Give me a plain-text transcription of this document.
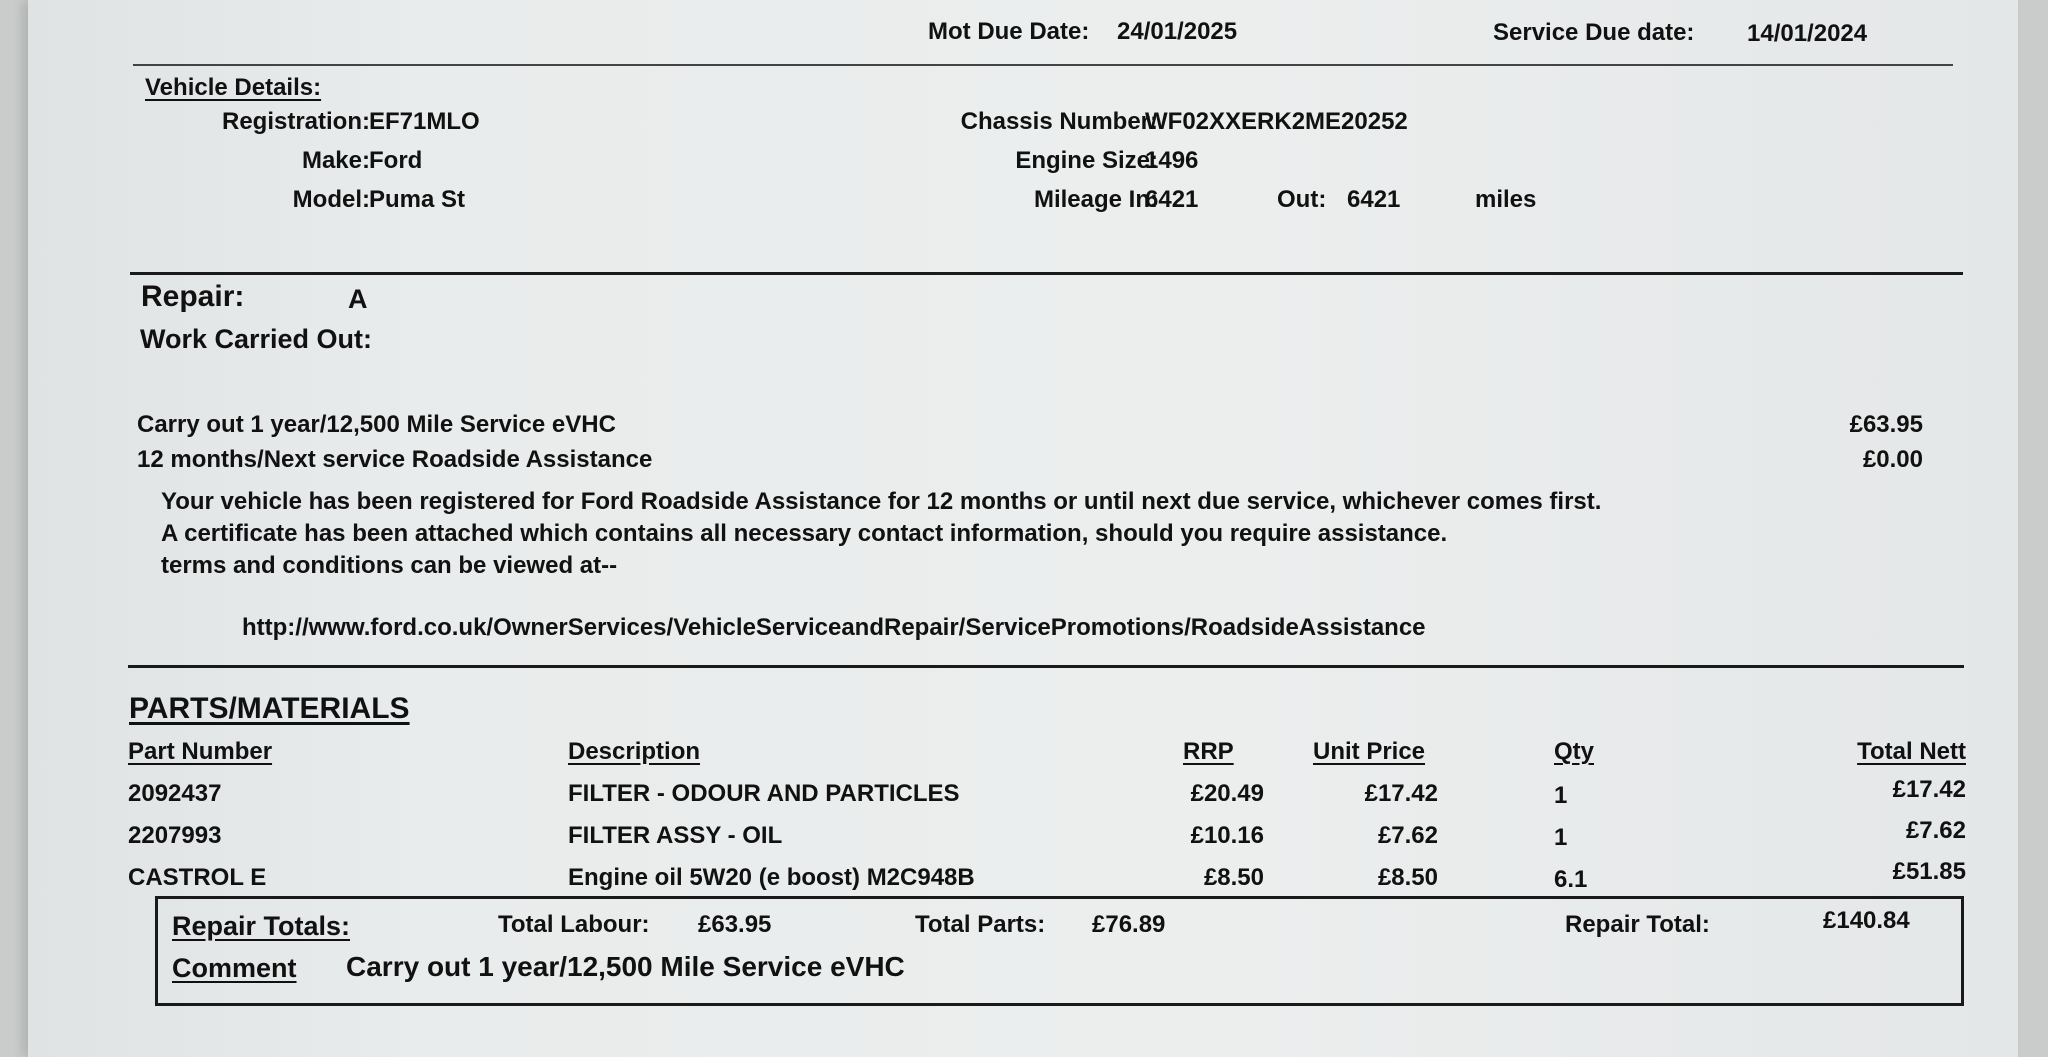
Mot Due Date: 24/01/2025	Service Due date: 14/01/2024
Vehicle Details:
Registration: EF71MLO
Make: Ford
Model: Puma St
Chassis Number:
WF02XXERK2ME20252
Engine Size:
1496
Mileage In:
6421	Out: 6421	miles
Repair:	A
Work Carried Out:
Carry out 1 year/12,500 Mile Service eVHC	£63.95
12 months/Next service Roadside Assistance	£0.00
Your vehicle has been registered for Ford Roadside Assistance for 12 months or until next due service, whichever comes first.
A certificate has been attached which contains all necessary contact information, should you require assistance.
terms and conditions can be viewed at--
http://www.ford.co.uk/OwnerServices/VehicleServiceandRepair/ServicePromotions/RoadsideAssistance
PARTS/MATERIALS
Part Number	Description	RRP	Unit Price	Qty	Total Nett
2092437	FILTER - ODOUR AND PARTICLES	£20.49	£17.42	1	£17.42
2207993	FILTER ASSY - OIL	£10.16	£7.62	1	£7.62
CASTROL E	Engine oil 5W20 (e boost) M2C948B	£8.50	£8.50	6.1	£51.85
Repair Totals:	Total Labour: £63.95	Total Parts: £76.89	Repair Total:	£140.84
Comment Carry out 1 year/12,500 Mile Service eVHC
